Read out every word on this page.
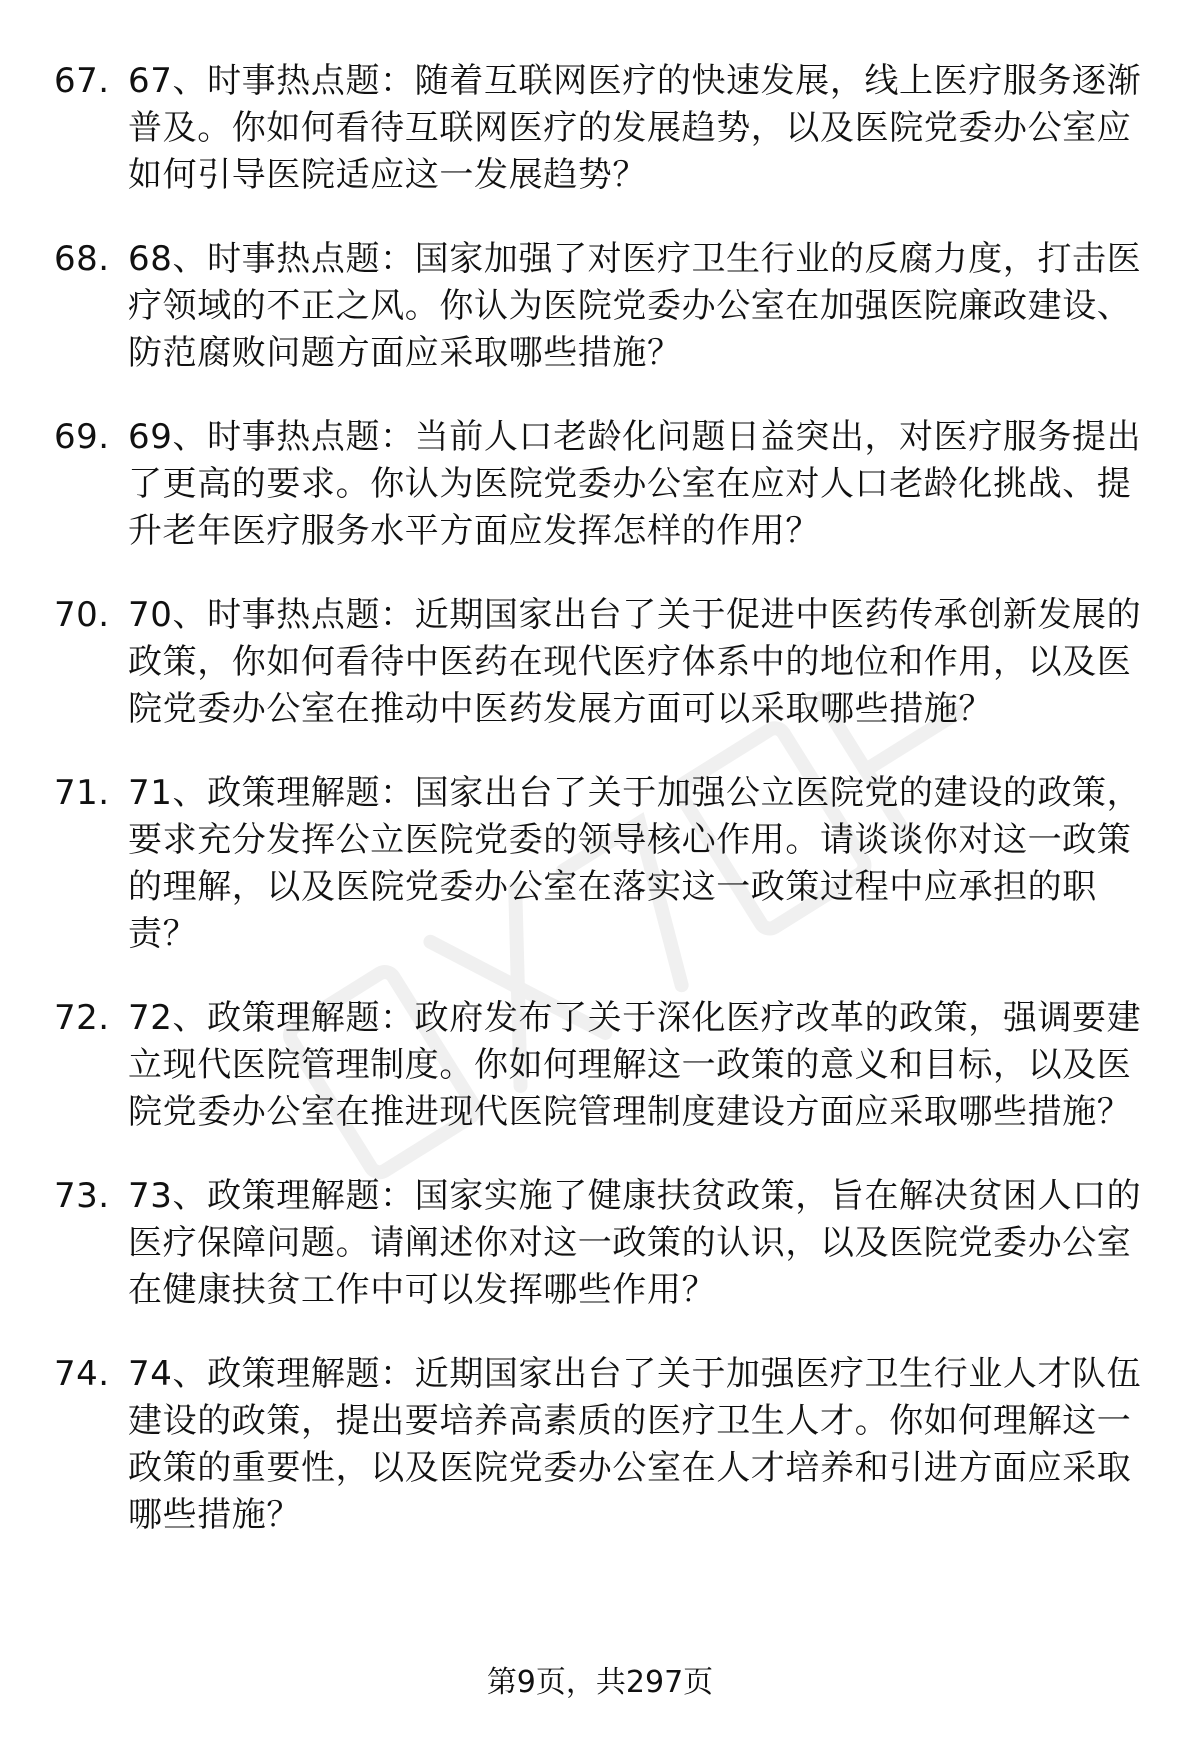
67. 67、时事热点题：随着互联网医疗的快速发展，线上医疗服务逐渐普及。你如何看待互联网医疗的发展趋势，以及医院党委办公室应如何引导医院适应这一发展趋势？
68. 68、时事热点题：国家加强了对医疗卫生行业的反腐力度，打击医疗领域的不正之风。你认为医院党委办公室在加强医院廉政建设、防范腐败问题方面应采取哪些措施？
69. 69、时事热点题：当前人口老龄化问题日益突出，对医疗服务提出了更高的要求。你认为医院党委办公室在应对人口老龄化挑战、提升老年医疗服务水平方面应发挥怎样的作用？
70. 70、时事热点题：近期国家出台了关于促进中医药传承创新发展的政策，你如何看待中医药在现代医疗体系中的地位和作用，以及医院党委办公室在推动中医药发展方面可以采取哪些措施？
71. 71、政策理解题：国家出台了关于加强公立医院党的建设的政策，要求充分发挥公立医院党委的领导核心作用。请谈谈你对这一政策的理解，以及医院党委办公室在落实这一政策过程中应承担的职责？
72. 72、政策理解题：政府发布了关于深化医疗改革的政策，强调要建立现代医院管理制度。你如何理解这一政策的意义和目标，以及医院党委办公室在推进现代医院管理制度建设方面应采取哪些措施？
73. 73、政策理解题：国家实施了健康扶贫政策，旨在解决贫困人口的医疗保障问题。请阐述你对这一政策的认识，以及医院党委办公室在健康扶贫工作中可以发挥哪些作用？
74. 74、政策理解题：近期国家出台了关于加强医疗卫生行业人才队伍建设的政策，提出要培养高素质的医疗卫生人才。你如何理解这一政策的重要性，以及医院党委办公室在人才培养和引进方面应采取哪些措施？
第9页，共297页
